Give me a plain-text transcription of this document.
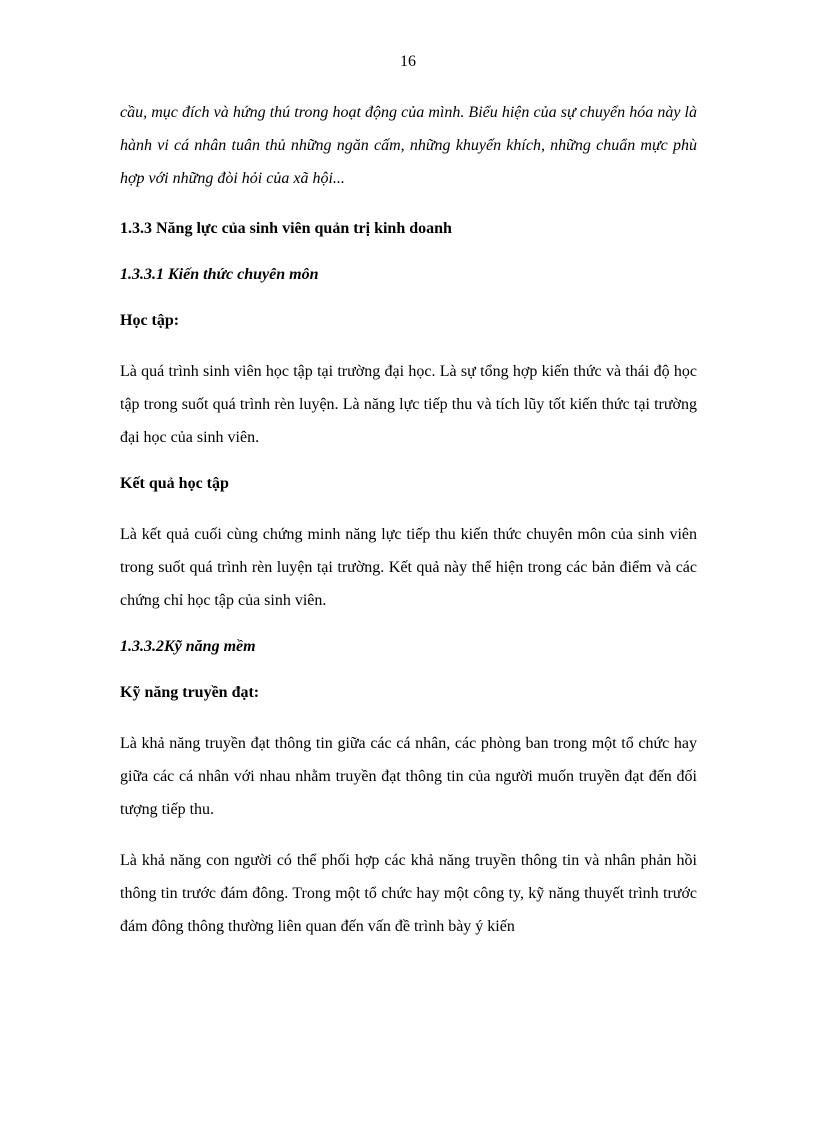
16

cầu, mục đích và hứng thú trong hoạt động của mình. Biểu hiện của sự chuyển hóa này là hành vi cá nhân tuân thủ những ngăn cấm, những khuyến khích, những chuẩn mực phù hợp với những đòi hỏi của xã hội...

1.3.3 Năng lực của sinh viên quản trị kinh doanh

1.3.3.1 Kiến thức chuyên môn

Học tập:

Là quá trình sinh viên học tập tại trường đại học. Là sự tổng hợp kiến thức và thái độ học tập trong suốt quá trình rèn luyện. Là năng lực tiếp thu và tích lũy tốt kiến thức tại trường đại học của sinh viên.

Kết quả học tập

Là kết quả cuối cùng chứng minh năng lực tiếp thu kiến thức chuyên môn của sinh viên trong suốt quá trình rèn luyện tại trường. Kết quả này thể hiện trong các bản điểm và các chứng chỉ học tập của sinh viên.

1.3.3.2Kỹ năng mềm

Kỹ năng truyền đạt:

Là khả năng truyền đạt thông tin giữa các cá nhân, các phòng ban trong một tổ chức hay giữa các cá nhân với nhau nhằm truyền đạt thông tin của người muốn truyền đạt đến đối tượng tiếp thu.

Là khả năng con người có thể phối hợp các khả năng truyền thông tin và nhân phản hồi thông tin trước đám đông. Trong một tổ chức hay một công ty, kỹ năng thuyết trình trước đám đông thông thường liên quan đến vấn đề trình bày ý kiến
